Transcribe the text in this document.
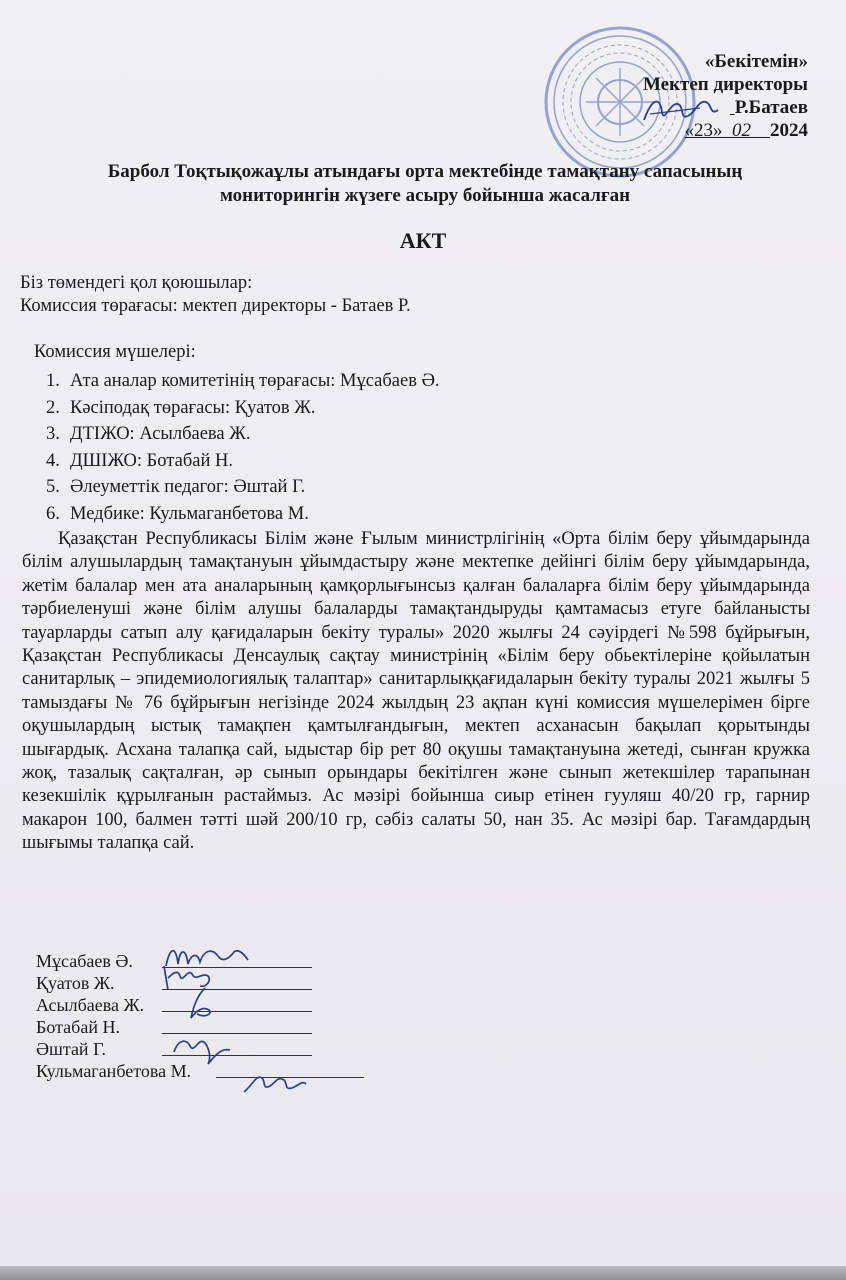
«Бекітемін»
Мектеп директоры
Р.Батаев
«23» 02 2024
Барбол Тоқтықожаұлы атындағы орта мектебінде тамақтану сапасының
мониторингін жүзеге асыру бойынша жасалған
АКТ
Біз төмендегі қол қоюшылар:
Комиссия төрағасы: мектеп директоры - Батаев Р.
Комиссия мүшелері:
1. Ата аналар комитетінің төрағасы: Мұсабаев Ә.
2. Кәсіподақ төрағасы: Қуатов Ж.
3. ДТІЖО: Асылбаева Ж.
4. ДШІЖО: Ботабай Н.
5. Әлеуметтік педагог: Әштай Г.
6. Медбике: Кульмаганбетова М.

Қазақстан Республикасы Білім және Ғылым министрлігінің «Орта білім беру ұйымдарында білім алушылардың тамақтануын ұйымдастыру және мектепке дейінгі білім беру ұйымдарында, жетім балалар мен ата аналарының қамқорлығынсыз қалған балаларға білім беру ұйымдарында тәрбиеленуші және білім алушы балаларды тамақтандыруды қамтамасыз етуге байланысты тауарларды сатып алу қағидаларын бекіту туралы» 2020 жылғы 24 сәуірдегі №598 бұйрығын, Қазақстан Республикасы Денсаулық сақтау министрінің «Білім беру обьектілеріне қойылатын санитарлық – эпидемиологиялық талаптар» санитарлыққағидаларын бекіту туралы 2021 жылғы 5 тамыздағы № 76 бұйрығын негізінде 2024 жылдың 23 ақпан күні комиссия мүшелерімен бірге оқушылардың ыстық тамақпен қамтылғандығын, мектеп асханасын бақылап қорытынды шығардық. Асхана талапқа сай, ыдыстар бір рет 80 оқушы тамақтануына жетеді, сынған кружка жоқ, тазалық сақталған, әр сынып орындары бекітілген және сынып жетекшілер тарапынан кезекшілік құрылғанын растаймыз. Ас мәзірі бойынша сиыр етінен гууляш 40/20 гр, гарнир макарон 100, балмен тәтті шәй 200/10 гр, сәбіз салаты 50, нан 35. Ас мәзірі бар. Тағамдардың шығымы талапқа сай.

Мұсабаев Ә.
Қуатов Ж.
Асылбаева Ж.
Ботабай Н.
Әштай Г.
Кульмаганбетова М.
